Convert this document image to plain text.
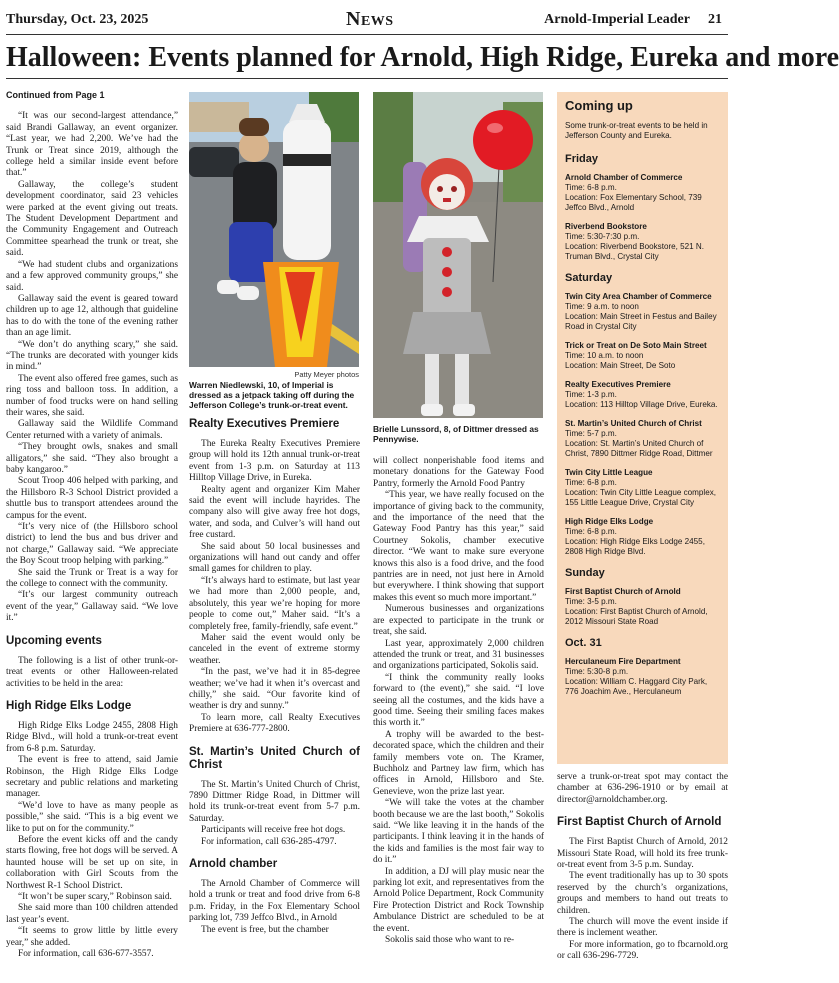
Thursday, Oct. 23, 2025	News	Arnold-Imperial Leader 21
Halloween: Events planned for Arnold, High Ridge, Eureka and more
Continued from Page 1

“It was our second-largest attendance,” said Brandi Gallaway, an event organizer. “Last year, we had 2,200. We’ve had the Trunk or Treat since 2019, although the college held a similar inside event before that.”

Gallaway, the college’s student development coordinator, said 23 vehicles were parked at the event giving out treats. The Student Development Department and the Community Engagement and Outreach Committee spearhead the trunk or treat, she said.

“We had student clubs and organizations and a few approved community groups,” she said.

Gallaway said the event is geared toward children up to age 12, although that guideline has to do with the tone of the evening rather than an age limit.

“We don’t do anything scary,” she said. “The trunks are decorated with younger kids in mind.”

The event also offered free games, such as ring toss and balloon toss. In addition, a number of food trucks were on hand selling their wares, she said.

Gallaway said the Wildlife Command Center returned with a variety of animals.

“They brought owls, snakes and small alligators,” she said. “They also brought a baby kangaroo.”

Scout Troop 406 helped with parking, and the Hillsboro R-3 School District provided a shuttle bus to transport attendees around the campus for the event.

“It’s very nice of (the Hillsboro school district) to lend the bus and bus driver and not charge,” Gallaway said. “We appreciate the Boy Scout troop helping with parking.”

She said the Trunk or Treat is a way for the college to connect with the community.

“It’s our largest community outreach event of the year,” Gallaway said. “We love it.”

Upcoming events

The following is a list of other trunk-or-treat events or other Halloween-related activities to be held in the area:

High Ridge Elks Lodge

High Ridge Elks Lodge 2455, 2808 High Ridge Blvd., will hold a trunk-or-treat event from 6-8 p.m. Saturday.

The event is free to attend, said Jamie Robinson, the High Ridge Elks Lodge secretary and public relations and marketing manager.

“We’d love to have as many people as possible,” she said. “This is a big event we like to put on for the community.”

Before the event kicks off and the candy starts flowing, free hot dogs will be served. A haunted house will be set up on site, in collaboration with Girl Scouts from the Northwest R-1 School District.

“It won’t be super scary,” Robinson said.

She said more than 100 children attended last year’s event.

“It seems to grow little by little every year,” she added.

For information, call 636-677-3557.

Patty Meyer photos
Warren Niedlewski, 10, of Imperial is dressed as a jetpack taking off during the Jefferson College’s trunk-or-treat event.
Brielle Lunssord, 8, of Dittmer dressed as Pennywise.
Realty Executives Premiere

The Eureka Realty Executives Premiere group will hold its 12th annual trunk-or-treat event from 1-3 p.m. on Saturday at 113 Hilltop Village Drive, in Eureka.

Realty agent and organizer Kim Maher said the event will include hayrides. The company also will give away free hot dogs, water, and soda, and Culver’s will hand out free custard.

She said about 50 local businesses and organizations will hand out candy and offer small games for children to play.

“It’s always hard to estimate, but last year we had more than 2,000 people, and, absolutely, this year we’re hoping for more people to come out,” Maher said. “It’s a completely free, family-friendly, safe event.”

Maher said the event would only be canceled in the event of extreme stormy weather.

“In the past, we’ve had it in 85-degree weather; we’ve had it when it’s overcast and chilly,” she said. “Our favorite kind of weather is dry and sunny.”

To learn more, call Realty Executives Premiere at 636-777-2800.

St. Martin’s United Church of Christ

The St. Martin’s United Church of Christ, 7890 Dittmer Ridge Road, in Dittmer will hold its trunk-or-treat event from 5-7 p.m. Saturday.

Participants will receive free hot dogs.

For information, call 636-285-4797.

Arnold chamber

The Arnold Chamber of Commerce will hold a trunk or treat and food drive from 6-8 p.m. Friday, in the Fox Elementary School parking lot, 739 Jeffco Blvd., in Arnold

The event is free, but the chamber

will collect nonperishable food items and monetary donations for the Gateway Food Pantry, formerly the Arnold Food Pantry

“This year, we have really focused on the importance of giving back to the community, and the importance of the need that the Gateway Food Pantry has this year,” said Courtney Sokolis, chamber executive director. “We want to make sure everyone knows this also is a food drive, and the food pantries are in need, not just here in Arnold but everywhere. I think showing that support makes this event so much more important.”

Numerous businesses and organizations are expected to participate in the trunk or treat, she said.

Last year, approximately 2,000 children attended the trunk or treat, and 31 businesses and organizations participated, Sokolis said.

“I think the community really looks forward to (the event),” she said. “I love seeing all the costumes, and the kids have a good time. Seeing their smiling faces makes this worth it.”

A trophy will be awarded to the best-decorated space, which the children and their family members vote on. The Kramer, Buchholz and Partney law firm, which has offices in Arnold, Hillsboro and Ste. Genevieve, won the prize last year.

“We will take the votes at the chamber booth because we are the last booth,” Sokolis said. “We like leaving it in the hands of the participants. I think leaving it in the hands of the kids and families is the most fair way to do it.”

In addition, a DJ will play music near the parking lot exit, and representatives from the Arnold Police Department, Rock Community Fire Protection District and Rock Township Ambulance District are scheduled to be at the event.

Sokolis said those who want to re-

Coming up
Some trunk-or-treat events to be held in Jefferson County and Eureka.
Friday
Arnold Chamber of Commerce
Time: 6-8 p.m.
Location: Fox Elementary School, 739 Jeffco Blvd., Arnold
Riverbend Bookstore
Time: 5:30-7:30 p.m.
Location: Riverbend Bookstore, 521 N. Truman Blvd., Crystal City
Saturday
Twin City Area Chamber of Commerce
Time: 9 a.m. to noon
Location: Main Street in Festus and Bailey Road in Crystal City
Trick or Treat on De Soto Main Street
Time: 10 a.m. to noon
Location: Main Street, De Soto
Realty Executives Premiere
Time: 1-3 p.m.
Location: 113 Hilltop Village Drive, Eureka.
St. Martin’s United Church of Christ
Time: 5-7 p.m.
Location: St. Martin’s United Church of Christ, 7890 Dittmer Ridge Road, Dittmer
Twin City Little League
Time: 6-8 p.m.
Location: Twin City Little League complex, 155 Little League Drive, Crystal City
High Ridge Elks Lodge
Time: 6-8 p.m.
Location: High Ridge Elks Lodge 2455, 2808 High Ridge Blvd.
Sunday
First Baptist Church of Arnold
Time: 3-5 p.m.
Location: First Baptist Church of Arnold, 2012 Missouri State Road
Oct. 31
Herculaneum Fire Department
Time: 5:30-8 p.m.
Location: William C. Haggard City Park, 776 Joachim Ave., Herculaneum

serve a trunk-or-treat spot may contact the chamber at 636-296-1910 or by email at director@arnoldchamber.org.

First Baptist Church of Arnold

The First Baptist Church of Arnold, 2012 Missouri State Road, will hold its free trunk-or-treat event from 3-5 p.m. Sunday.

The event traditionally has up to 30 spots reserved by the church’s organizations, groups and members to hand out treats to children.

The church will move the event inside if there is inclement weather.

For more information, go to fbcarnold.org or call 636-296-7729.
